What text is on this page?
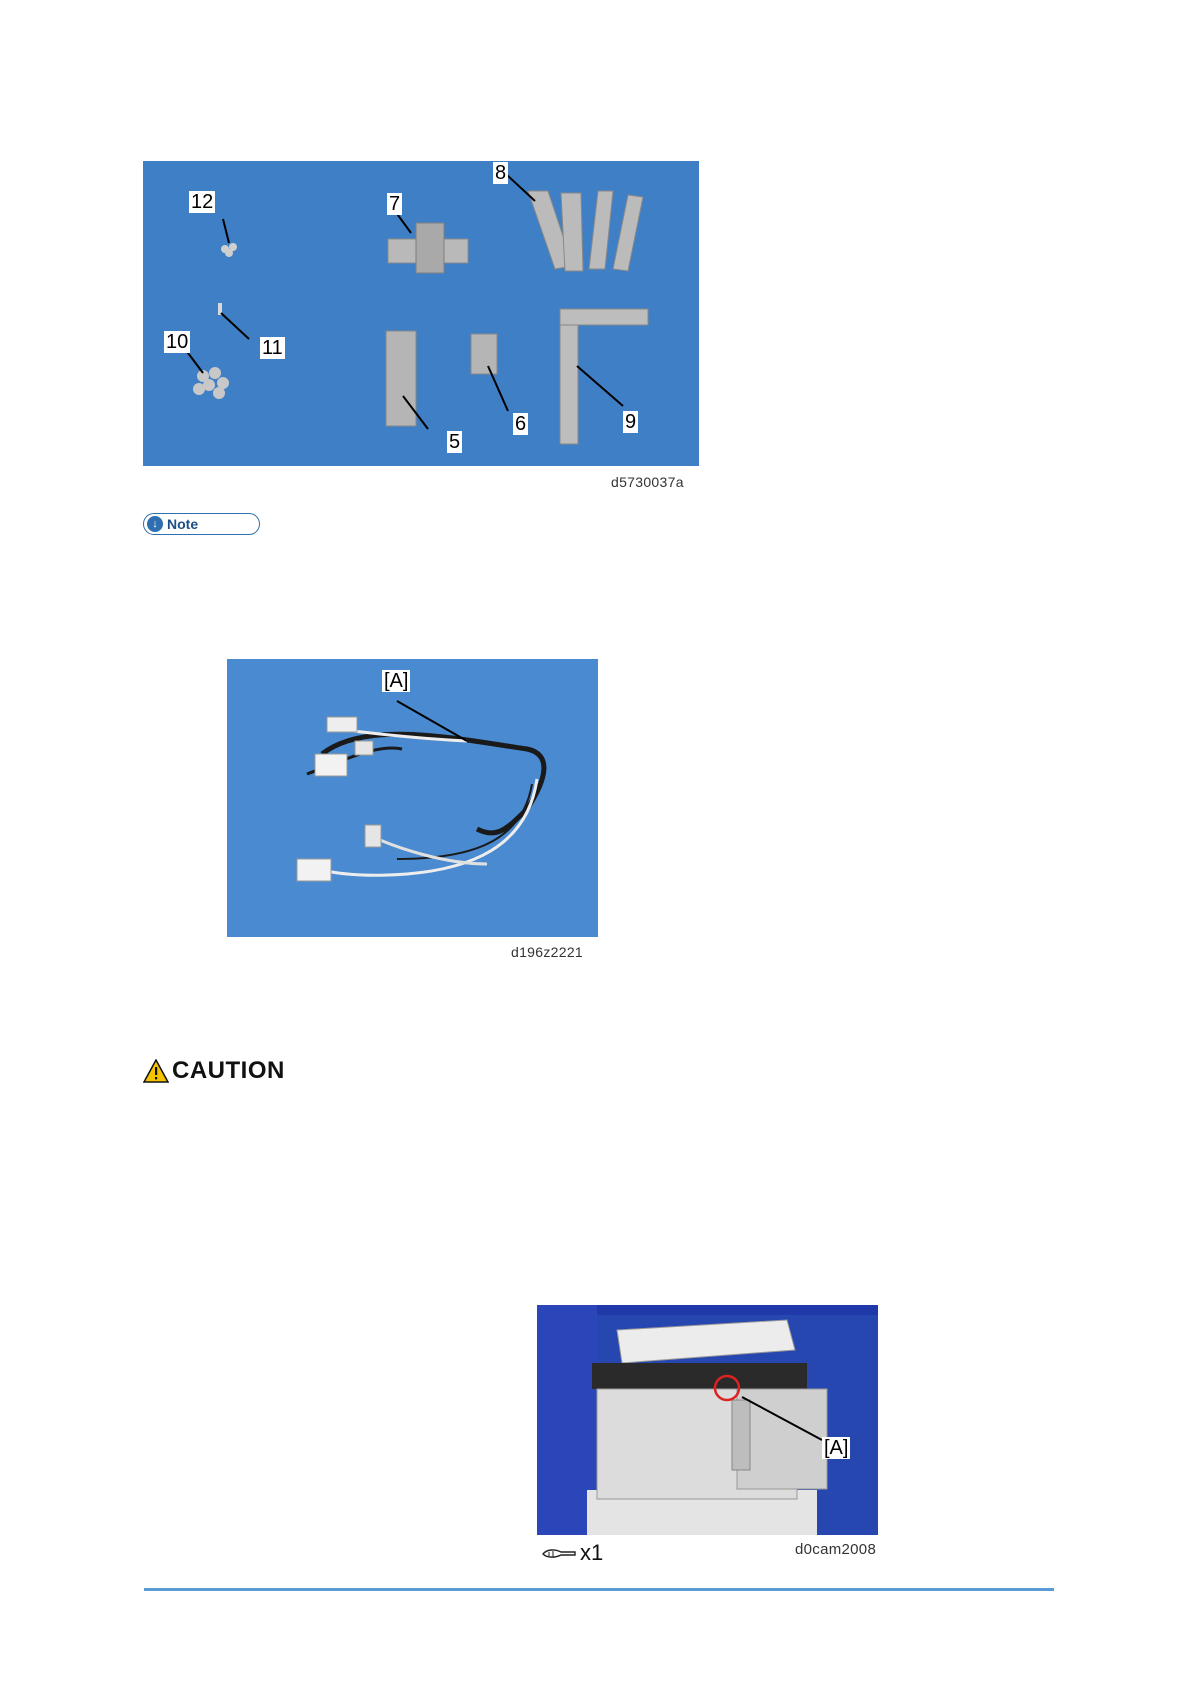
12	7
8
11
10
5
6	9
d5730037a
↓ Note
[A]
d196z2221
CAUTION
[A]
x1	d0cam2008
